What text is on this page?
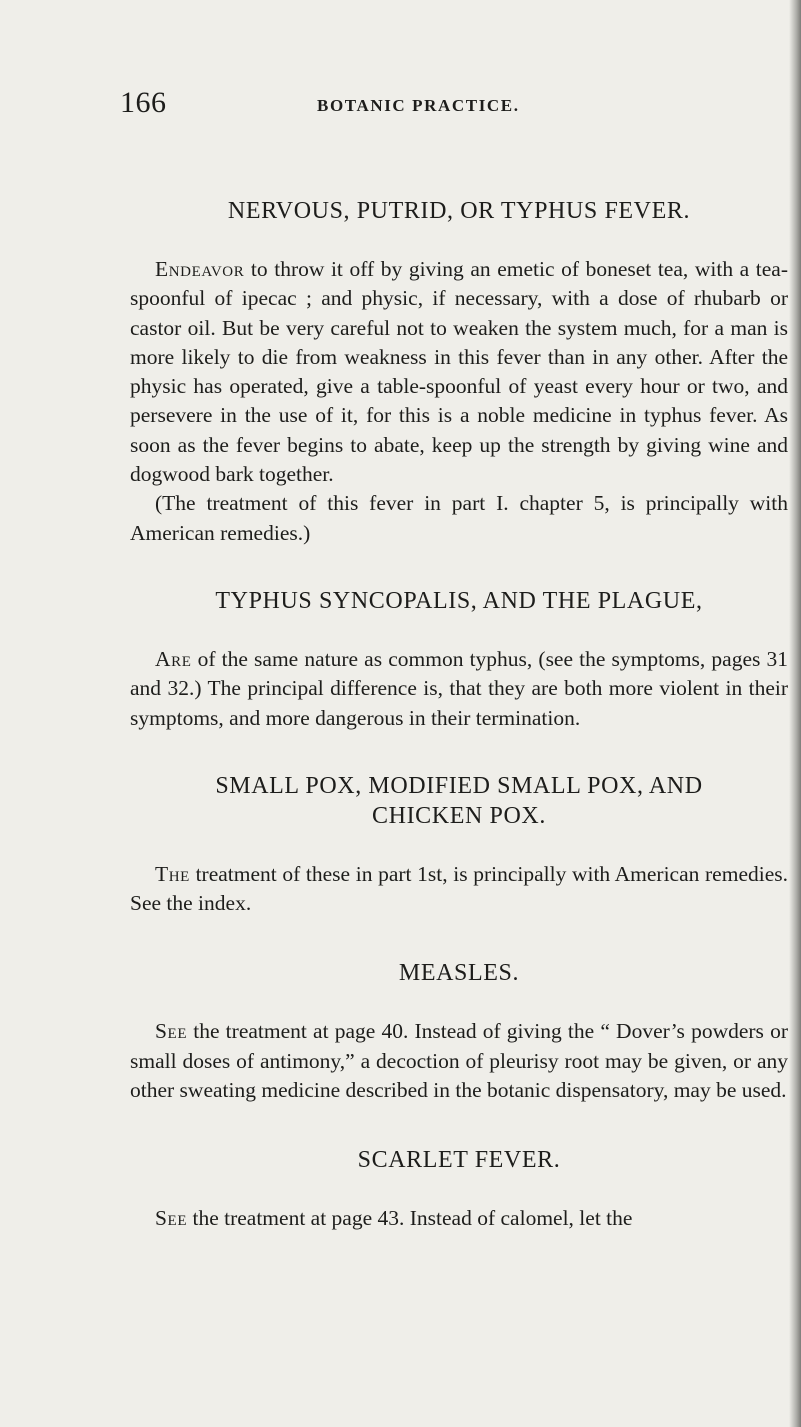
166	BOTANIC PRACTICE.
NERVOUS, PUTRID, OR TYPHUS FEVER.

Endeavor to throw it off by giving an emetic of boneset tea, with a tea-spoonful of ipecac ; and physic, if necessary, with a dose of rhubarb or castor oil. But be very careful not to weaken the system much, for a man is more likely to die from weakness in this fever than in any other. After the physic has operated, give a table-spoonful of yeast every hour or two, and persevere in the use of it, for this is a noble medicine in typhus fever. As soon as the fever begins to abate, keep up the strength by giving wine and dogwood bark together.

(The treatment of this fever in part I. chapter 5, is principally with American remedies.)

TYPHUS SYNCOPALIS, AND THE PLAGUE,

Are of the same nature as common typhus, (see the symptoms, pages 31 and 32.) The principal difference is, that they are both more violent in their symptoms, and more dangerous in their termination.

SMALL POX, MODIFIED SMALL POX, AND
CHICKEN POX.

The treatment of these in part 1st, is principally with American remedies. See the index.

MEASLES.

See the treatment at page 40. Instead of giving the “ Dover’s powders or small doses of antimony,” a decoction of pleurisy root may be given, or any other sweating medicine described in the botanic dispensatory, may be used.

SCARLET FEVER.

See the treatment at page 43. Instead of calomel, let the
